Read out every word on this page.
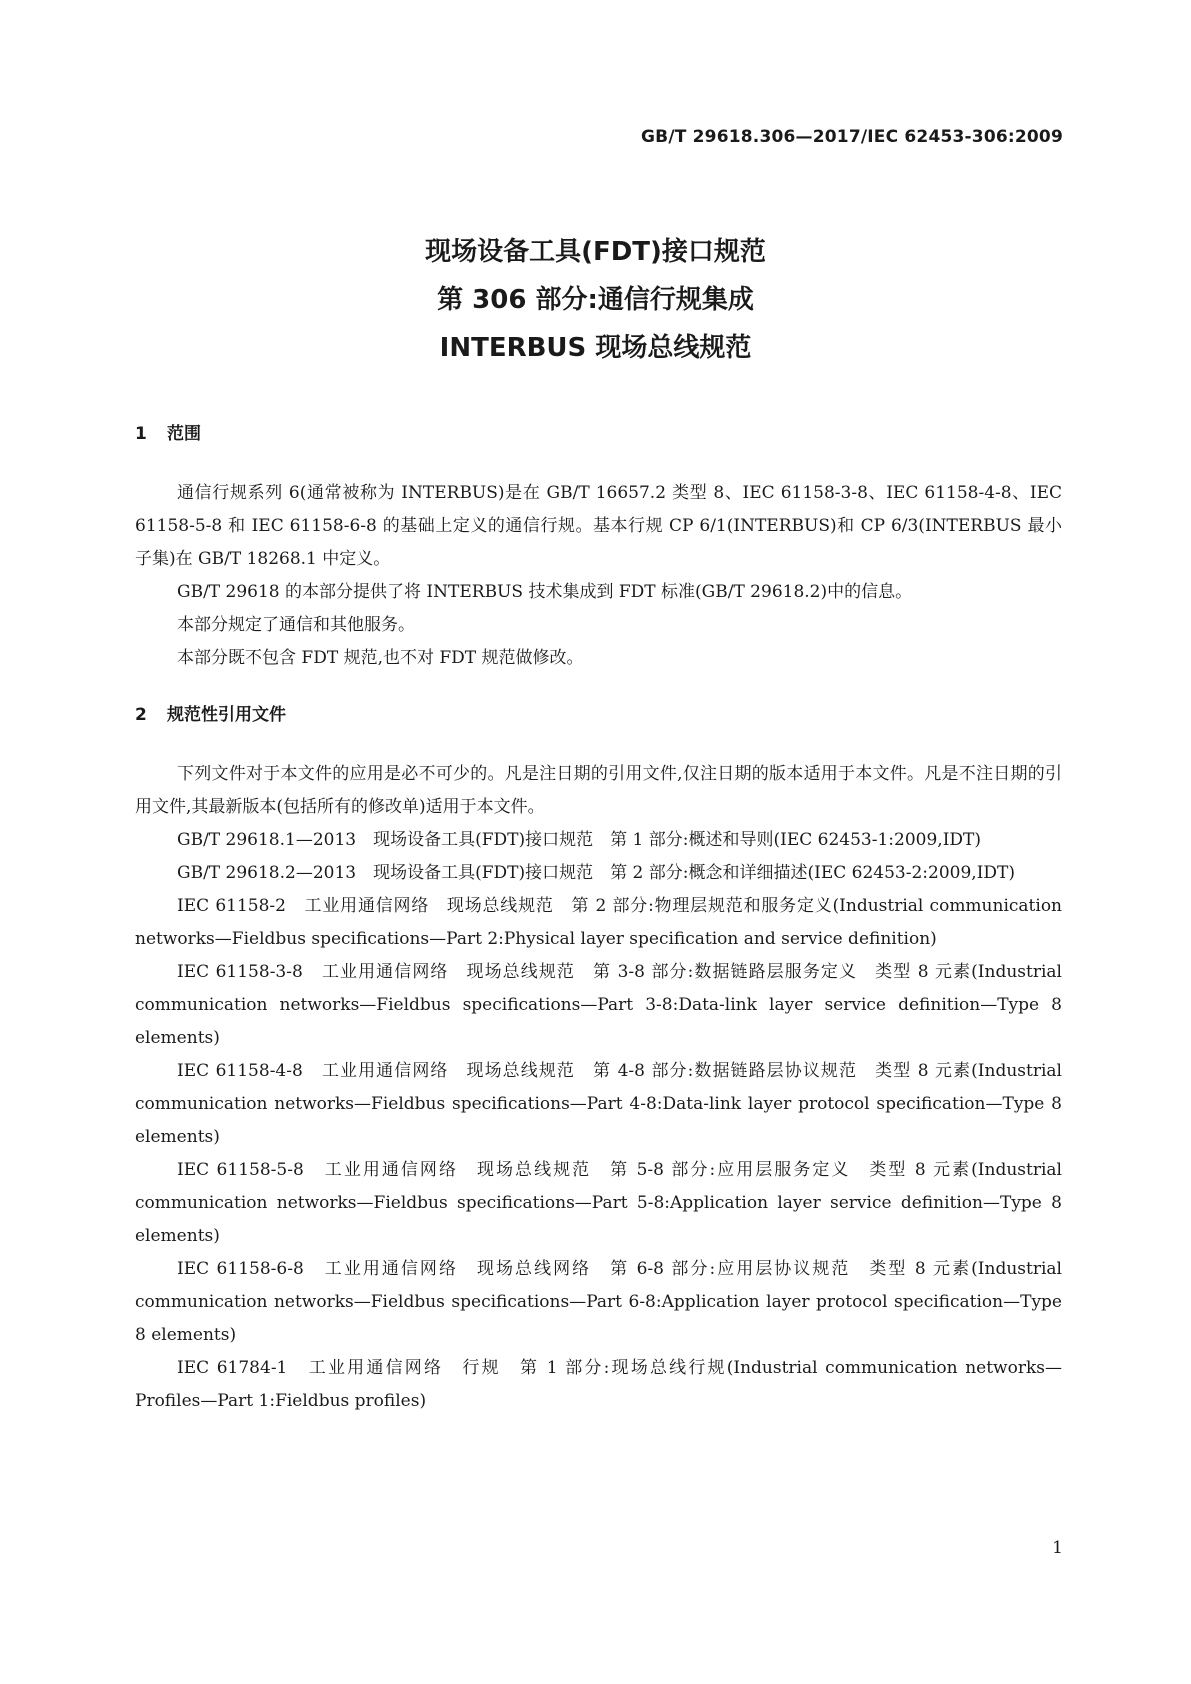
GB/T 29618.306—2017/IEC 62453-306:2009
现场设备工具(FDT)接口规范
第 306 部分:通信行规集成
INTERBUS 现场总线规范
1 范围

通信行规系列 6(通常被称为 INTERBUS)是在 GB/T 16657.2 类型 8、IEC 61158-3-8、IEC 61158-4-8、IEC 61158-5-8 和 IEC 61158-6-8 的基础上定义的通信行规。基本行规 CP 6/1(INTERBUS)和 CP 6/3(INTERBUS 最小子集)在 GB/T 18268.1 中定义。

GB/T 29618 的本部分提供了将 INTERBUS 技术集成到 FDT 标准(GB/T 29618.2)中的信息。

本部分规定了通信和其他服务。

本部分既不包含 FDT 规范,也不对 FDT 规范做修改。

2 规范性引用文件

下列文件对于本文件的应用是必不可少的。凡是注日期的引用文件,仅注日期的版本适用于本文件。凡是不注日期的引用文件,其最新版本(包括所有的修改单)适用于本文件。

GB/T 29618.1—2013　现场设备工具(FDT)接口规范　第 1 部分:概述和导则(IEC 62453-1:2009,IDT)

GB/T 29618.2—2013　现场设备工具(FDT)接口规范　第 2 部分:概念和详细描述(IEC 62453-2:2009,IDT)

IEC 61158-2　工业用通信网络　现场总线规范　第 2 部分:物理层规范和服务定义(Industrial communication networks—Fieldbus specifications—Part 2:Physical layer specification and service definition)

IEC 61158-3-8　工业用通信网络　现场总线规范　第 3-8 部分:数据链路层服务定义　类型 8 元素(Industrial communication networks—Fieldbus specifications—Part 3-8:Data-link layer service definition—Type 8 elements)

IEC 61158-4-8　工业用通信网络　现场总线规范　第 4-8 部分:数据链路层协议规范　类型 8 元素(Industrial communication networks—Fieldbus specifications—Part 4-8:Data-link layer protocol specification—Type 8 elements)

IEC 61158-5-8　工业用通信网络　现场总线规范　第 5-8 部分:应用层服务定义　类型 8 元素(Industrial communication networks—Fieldbus specifications—Part 5-8:Application layer service definition—Type 8 elements)

IEC 61158-6-8　工业用通信网络　现场总线网络　第 6-8 部分:应用层协议规范　类型 8 元素(Industrial communication networks—Fieldbus specifications—Part 6-8:Application layer protocol specification—Type 8 elements)

IEC 61784-1　工业用通信网络　行规　第 1 部分:现场总线行规(Industrial communication networks—Profiles—Part 1:Fieldbus profiles)

1
